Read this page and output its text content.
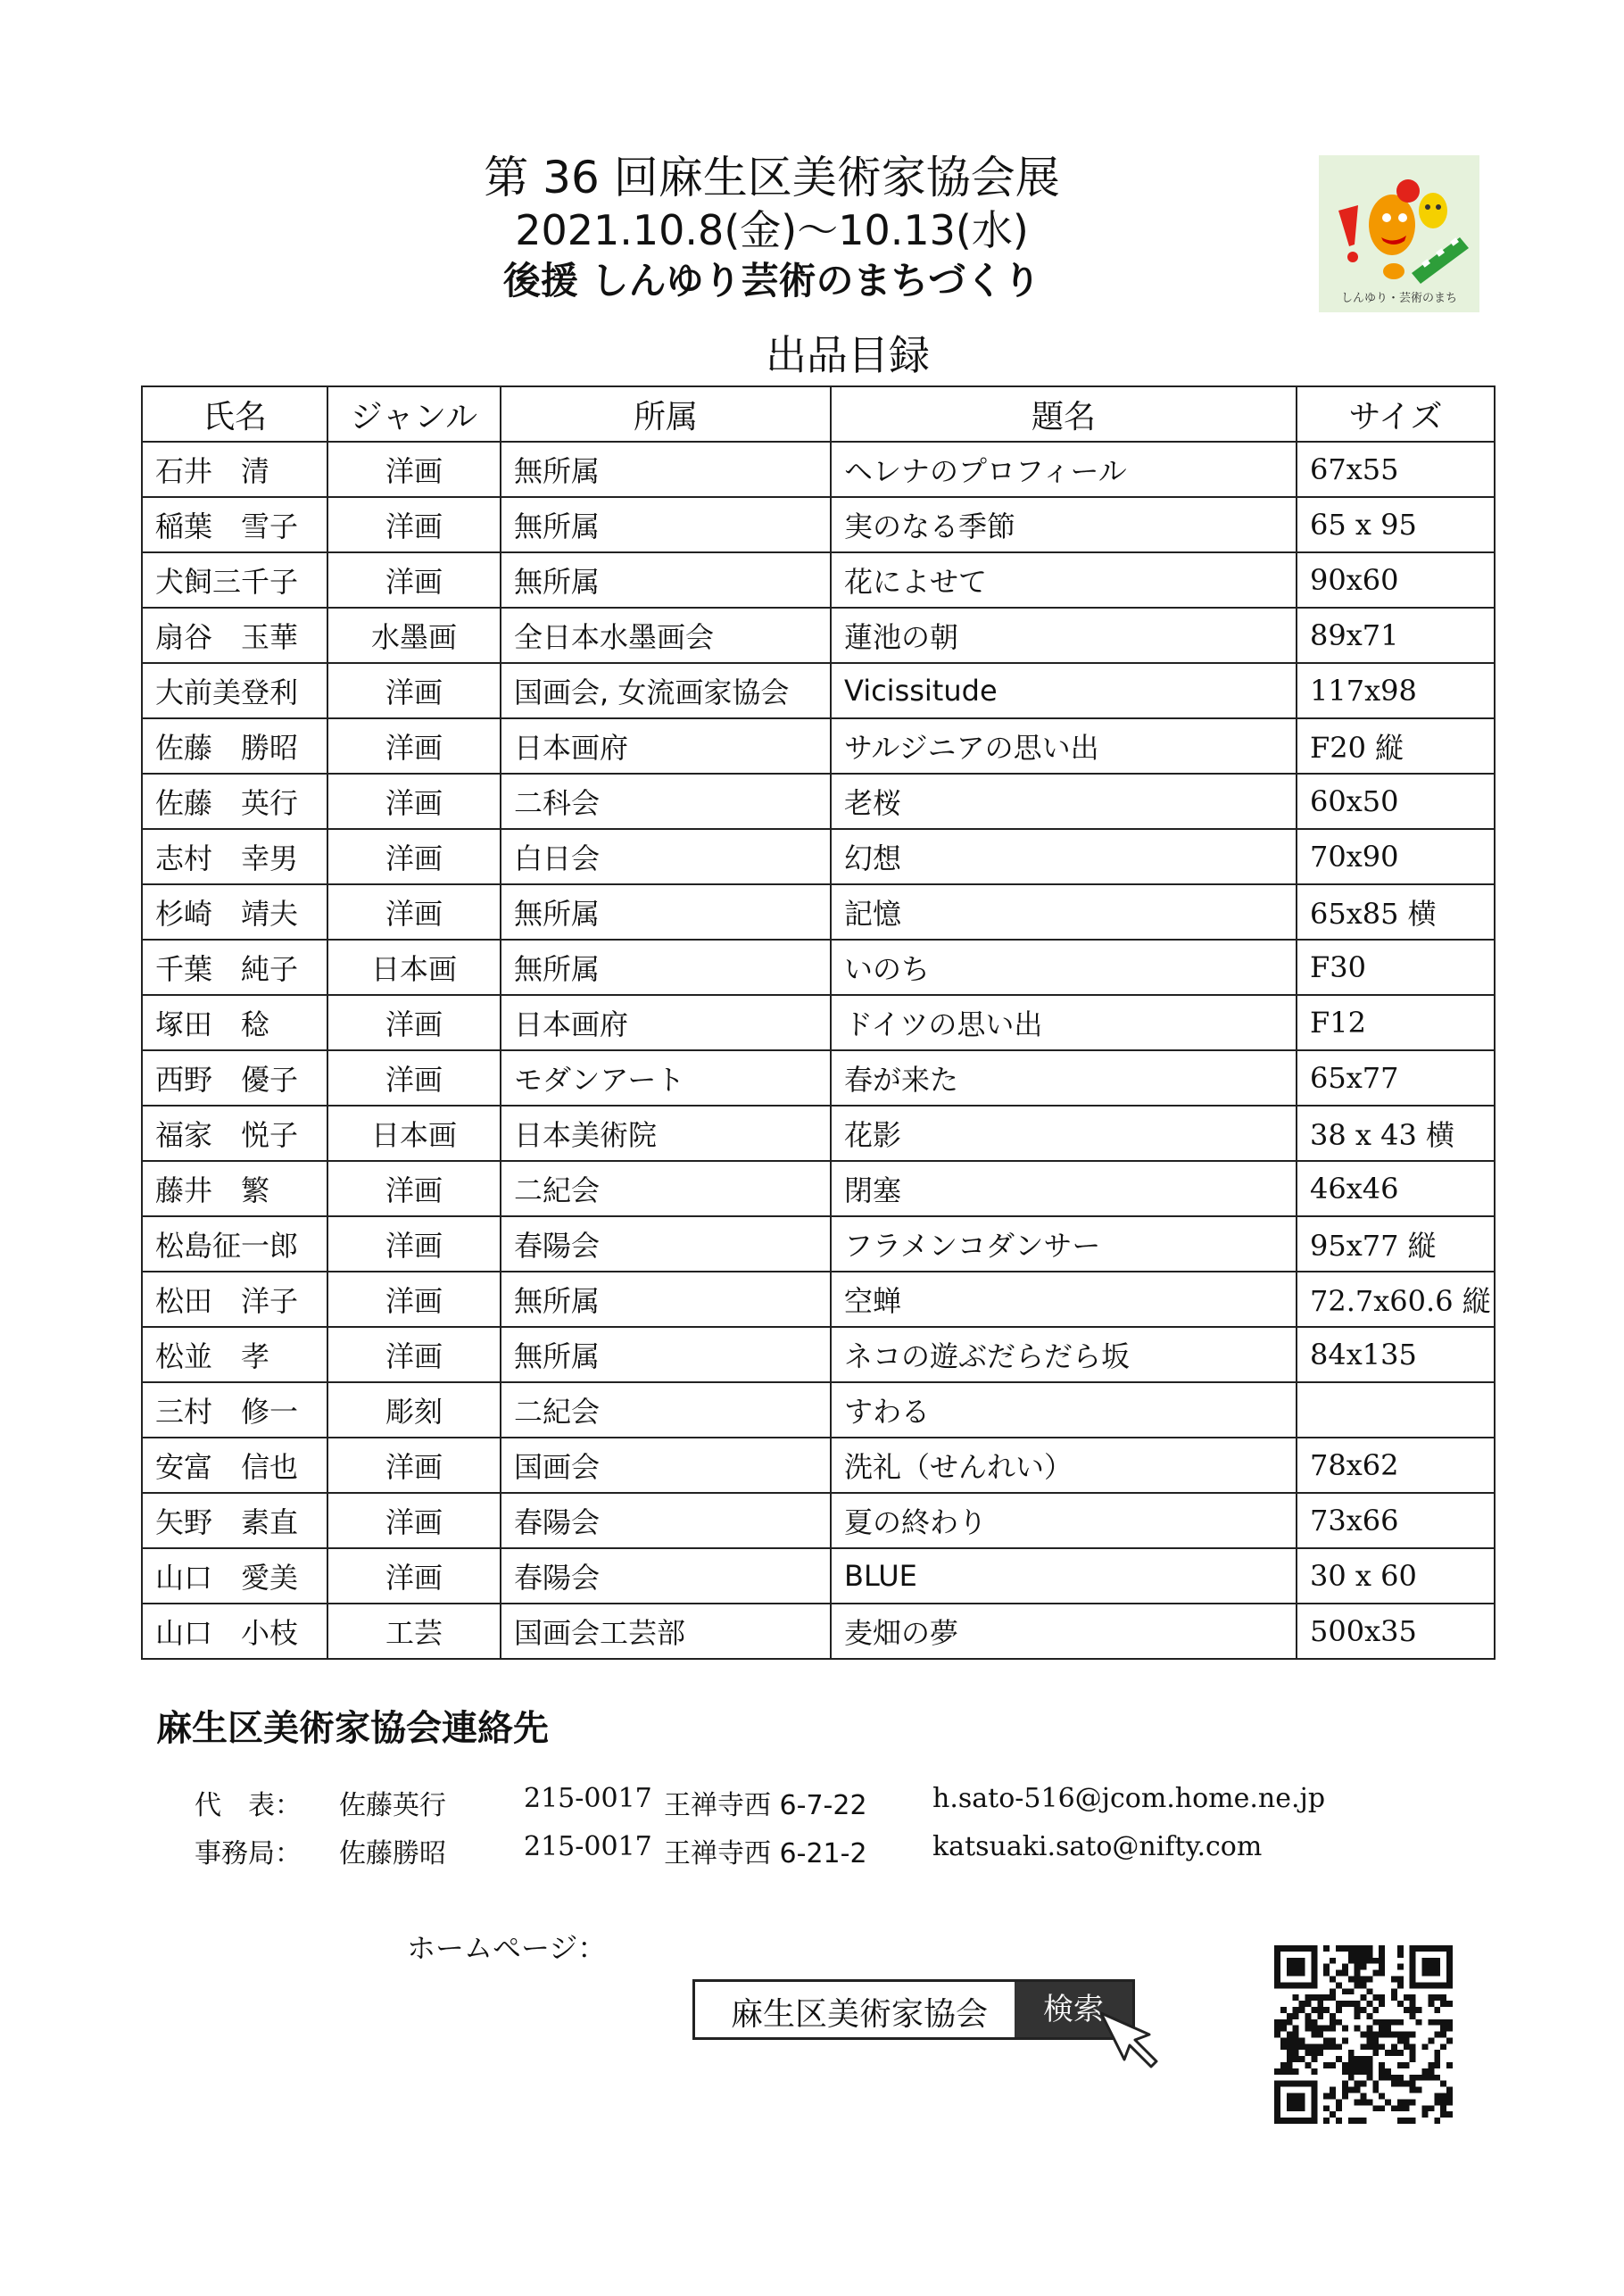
第 36 回麻生区美術家協会展
2021.10.8(金)～10.13(水)
後援 しんゆり芸術のまちづくり	しんゆり・芸術のまち
出品目録
氏名	ジャンル	所属	題名	サイズ
石井　清	洋画	無所属	ヘレナのプロフィール	67x55
稲葉　雪子	洋画	無所属	実のなる季節	65 x 95
犬飼三千子	洋画	無所属	花によせて	90x60
扇谷　玉華	水墨画	全日本水墨画会	蓮池の朝	89x71
大前美登利	洋画	国画会, 女流画家協会	Vicissitude	117x98
佐藤　勝昭	洋画	日本画府	サルジニアの思い出	F20 縦
佐藤　英行	洋画	二科会	老桜	60x50
志村　幸男	洋画	白日会	幻想	70x90
杉崎　靖夫	洋画	無所属	記憶	65x85 横
千葉　純子	日本画	無所属	いのち	F30
塚田　稔	洋画	日本画府	ドイツの思い出	F12
西野　優子	洋画	モダンアート	春が来た	65x77
福家　悦子	日本画	日本美術院	花影	38 x 43 横
藤井　繁	洋画	二紀会	閉塞	46x46
松島征一郎	洋画	春陽会	フラメンコダンサー	95x77 縦
松田　洋子	洋画	無所属	空蝉	72.7x60.6 縦
松並　孝	洋画	無所属	ネコの遊ぶだらだら坂	84x135
三村　修一	彫刻	二紀会	すわる	
安富　信也	洋画	国画会	洗礼（せんれい）	78x62
矢野　素直	洋画	春陽会	夏の終わり	73x66
山口　愛美	洋画	春陽会	BLUE	30 x 60
山口　小枝	工芸	国画会工芸部	麦畑の夢	500x35
麻生区美術家協会連絡先
代　表： 佐藤英行	215-0017 王禅寺西 6-7-22 h.sato-516@jcom.home.ne.jp
事務局： 佐藤勝昭	215-0017 王禅寺西 6-21-2 katsuaki.sato@nifty.com
ホームページ：
麻生区美術家協会	検索
